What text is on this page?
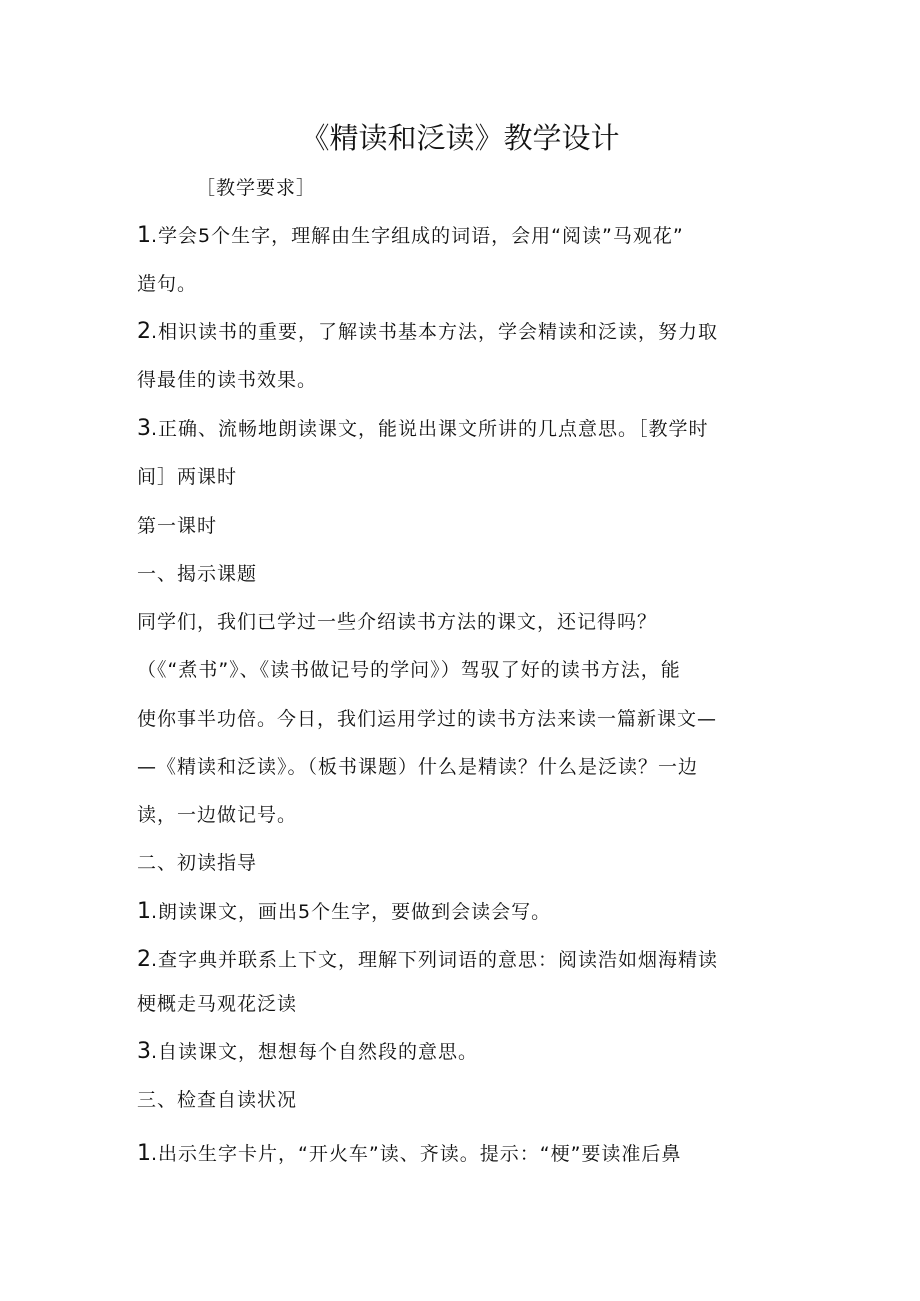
《精读和泛读》教学设计
［教学要求］
1.学会5个生字，理解由生字组成的词语，会用“阅读”马观花”
造句。
2.相识读书的重要，了解读书基本方法，学会精读和泛读，努力取
得最佳的读书效果。
3.正确、流畅地朗读课文，能说出课文所讲的几点意思。［教学时
间］两课时
第一课时
一、揭示课题
同学们，我们已学过一些介绍读书方法的课文，还记得吗？
（《“煮书”》、《读书做记号的学问》）驾驭了好的读书方法，能
使你事半功倍。今日，我们运用学过的读书方法来读一篇新课文—
—《精读和泛读》。（板书课题）什么是精读？什么是泛读？一边
读，一边做记号。
二、初读指导
1.朗读课文，画出5个生字，要做到会读会写。
2.查字典并联系上下文，理解下列词语的意思：阅读浩如烟海精读
梗概走马观花泛读
3.自读课文，想想每个自然段的意思。
三、检查自读状况
1.出示生字卡片，“开火车”读、齐读。提示：“梗”要读准后鼻
